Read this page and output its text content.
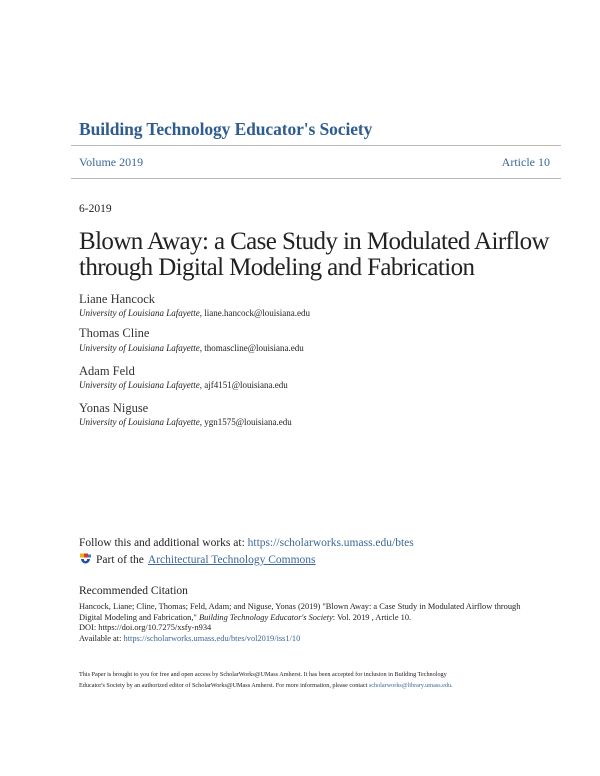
Building Technology Educator's Society
Volume 2019	Article 10
6-2019
Blown Away: a Case Study in Modulated Airflow
through Digital Modeling and Fabrication
Liane Hancock
University of Louisiana Lafayette, liane.hancock@louisiana.edu
Thomas Cline
University of Louisiana Lafayette, thomascline@louisiana.edu
Adam Feld
University of Louisiana Lafayette, ajf4151@louisiana.edu
Yonas Niguse
University of Louisiana Lafayette, ygn1575@louisiana.edu
Follow this and additional works at: https://scholarworks.umass.edu/btes
Part of the Architectural Technology Commons
Recommended Citation
Hancock, Liane; Cline, Thomas; Feld, Adam; and Niguse, Yonas (2019) "Blown Away: a Case Study in Modulated Airflow through
Digital Modeling and Fabrication," Building Technology Educator's Society: Vol. 2019 , Article 10.
DOI: https://doi.org/10.7275/xsfy-n934
Available at: https://scholarworks.umass.edu/btes/vol2019/iss1/10
This Paper is brought to you for free and open access by ScholarWorks@UMass Amherst. It has been accepted for inclusion in Building Technology
Educator's Society by an authorized editor of ScholarWorks@UMass Amherst. For more information, please contact scholarworks@library.umass.edu.
